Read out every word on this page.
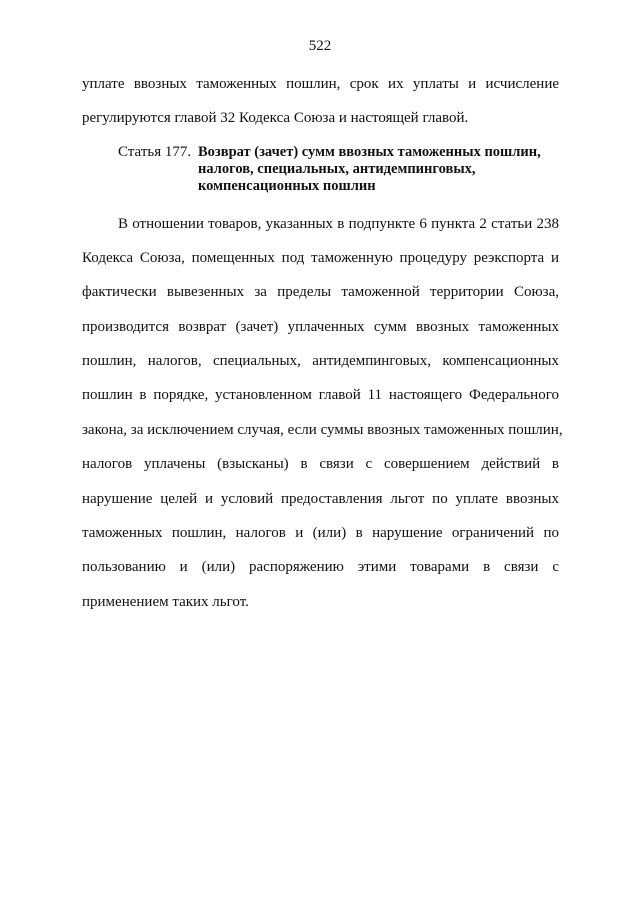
522
уплате ввозных таможенных пошлин, срок их уплаты и исчисление
регулируются главой 32 Кодекса Союза и настоящей главой.
Статья 177. Возврат (зачет) сумм ввозных таможенных пошлин, налогов, специальных, антидемпинговых, компенсационных пошлин
В отношении товаров, указанных в подпункте 6 пункта 2 статьи 238
Кодекса Союза, помещенных под таможенную процедуру реэкспорта и
фактически вывезенных за пределы таможенной территории Союза,
производится возврат (зачет) уплаченных сумм ввозных таможенных
пошлин, налогов, специальных, антидемпинговых, компенсационных
пошлин в порядке, установленном главой 11 настоящего Федерального
закона, за исключением случая, если суммы ввозных таможенных пошлин,
налогов уплачены (взысканы) в связи с совершением действий в
нарушение целей и условий предоставления льгот по уплате ввозных
таможенных пошлин, налогов и (или) в нарушение ограничений по
пользованию и (или) распоряжению этими товарами в связи с
применением таких льгот.
